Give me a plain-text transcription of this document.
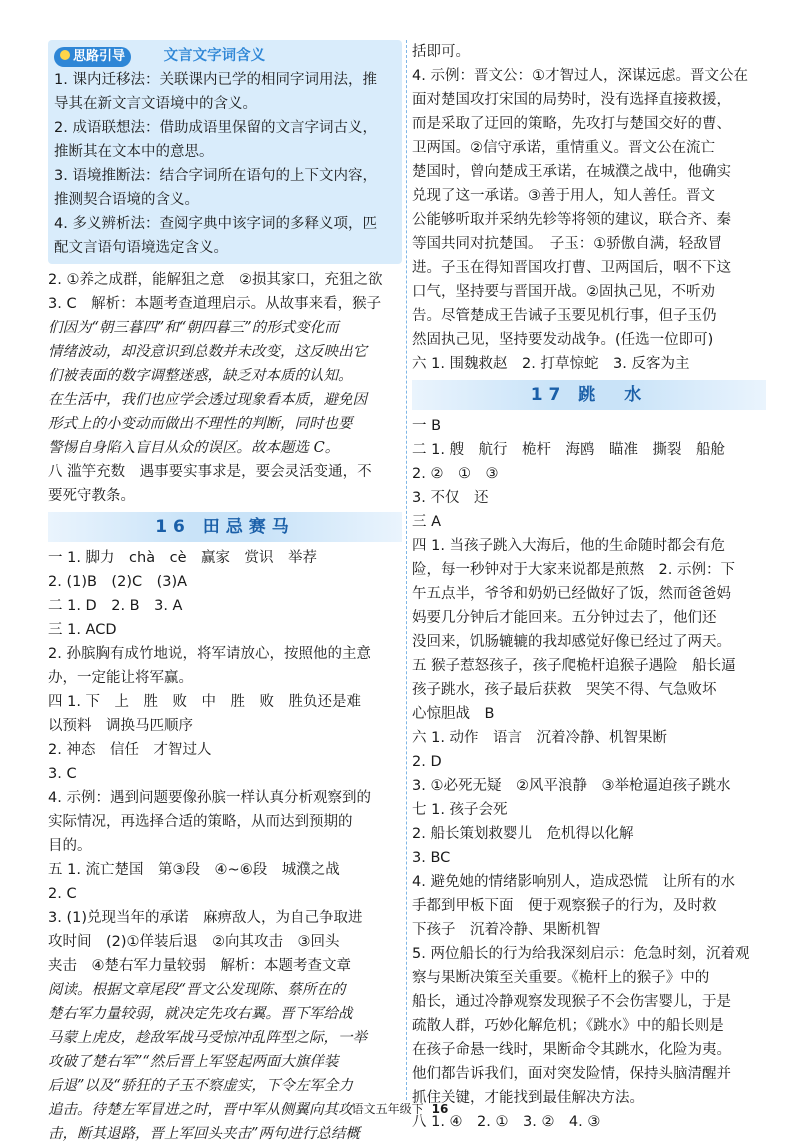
思路引导	文言文字词含义
1. 课内迁移法：关联课内已学的相同字词用法，推
导其在新文言文语境中的含义。
2. 成语联想法：借助成语里保留的文言字词古义，
推断其在文本中的意思。
3. 语境推断法：结合字词所在语句的上下文内容，
推测契合语境的含义。
4. 多义辨析法：查阅字典中该字词的多释义项，匹
配文言语句语境选定含义。
2. ①养之成群，能解狙之意　②损其家口，充狙之欲
3. C　解析：本题考查道理启示。从故事来看，猴子
们因为“朝三暮四”和“朝四暮三”的形式变化而
情绪波动，却没意识到总数并未改变，这反映出它
们被表面的数字调整迷惑，缺乏对本质的认知。
在生活中，我们也应学会透过现象看本质，避免因
形式上的小变动而做出不理性的判断，同时也要
警惕自身陷入盲目从众的误区。故本题选 C。
八 滥竽充数　遇事要实事求是，要会灵活变通，不
要死守教条。
16 田忌赛马
一 1. 脚力　chà　cè　赢家　赏识　举荐
2. (1)B　(2)C　(3)A
二 1. D　2. B　3. A
三 1. ACD
2. 孙膑胸有成竹地说，将军请放心，按照他的主意
办，一定能让将军赢。
四 1. 下　上　胜　败　中　胜　败　胜负还是难
以预料　调换马匹顺序
2. 神态　信任　才智过人
3. C
4. 示例：遇到问题要像孙膑一样认真分析观察到的
实际情况，再选择合适的策略，从而达到预期的
目的。
五 1. 流亡楚国　第③段　④~⑥段　城濮之战
2. C
3. (1)兑现当年的承诺　麻痹敌人，为自己争取进
攻时间　(2)①佯装后退　②向其攻击　③回头
夹击　④楚右军力量较弱　解析：本题考查文章
阅读。根据文章尾段“晋文公发现陈、蔡所在的
楚右军力量较弱，就决定先攻右翼。晋下军给战
马蒙上虎皮，趁敌军战马受惊冲乱阵型之际，一举
攻破了楚右军”“然后晋上军竖起两面大旗佯装
后退”以及“骄狂的子玉不察虚实，下令左军全力
追击。待楚左军冒进之时，晋中军从侧翼向其攻
击，断其退路，晋上军回头夹击”两句进行总结概
括即可。
4. 示例：晋文公：①才智过人，深谋远虑。晋文公在
面对楚国攻打宋国的局势时，没有选择直接救援，
而是采取了迂回的策略，先攻打与楚国交好的曹、
卫两国。②信守承诺，重情重义。晋文公在流亡
楚国时，曾向楚成王承诺，在城濮之战中，他确实
兑现了这一承诺。③善于用人，知人善任。晋文
公能够听取并采纳先轸等将领的建议，联合齐、秦
等国共同对抗楚国。　子玉：①骄傲自满，轻敌冒
进。子玉在得知晋国攻打曹、卫两国后，咽不下这
口气，坚持要与晋国开战。②固执己见，不听劝
告。尽管楚成王告诫子玉要见机行事，但子玉仍
然固执己见，坚持要发动战争。(任选一位即可)
六 1. 围魏救赵　2. 打草惊蛇　3. 反客为主
17 跳　水
一 B
二 1. 艘　航行　桅杆　海鸥　瞄准　撕裂　船舱
2. ②　①　③
3. 不仅　还
三 A
四 1. 当孩子跳入大海后，他的生命随时都会有危
险，每一秒钟对于大家来说都是煎熬　2. 示例：下
午五点半，爷爷和奶奶已经做好了饭，然而爸爸妈
妈要几分钟后才能回来。五分钟过去了，他们还
没回来，饥肠辘辘的我却感觉好像已经过了两天。
五 猴子惹怒孩子，孩子爬桅杆追猴子遇险　船长逼
孩子跳水，孩子最后获救　哭笑不得、气急败坏
心惊胆战　B
六 1. 动作　语言　沉着冷静、机智果断
2. D
3. ①必死无疑　②风平浪静　③举枪逼迫孩子跳水
七 1. 孩子会死
2. 船长策划救婴儿　危机得以化解
3. BC
4. 避免她的情绪影响别人，造成恐慌　让所有的水
手都到甲板下面　便于观察猴子的行为，及时救
下孩子　沉着冷静、果断机智
5. 两位船长的行为给我深刻启示：危急时刻，沉着观
察与果断决策至关重要。《桅杆上的猴子》中的
船长，通过冷静观察发现猴子不会伤害婴儿，于是
疏散人群，巧妙化解危机；《跳水》中的船长则是
在孩子命悬一线时，果断命令其跳水，化险为夷。
他们都告诉我们，面对突发险情，保持头脑清醒并
抓住关键，才能找到最佳解决方法。
八 1. ④　2. ①　3. ②　4. ③
语文五年级下 16
